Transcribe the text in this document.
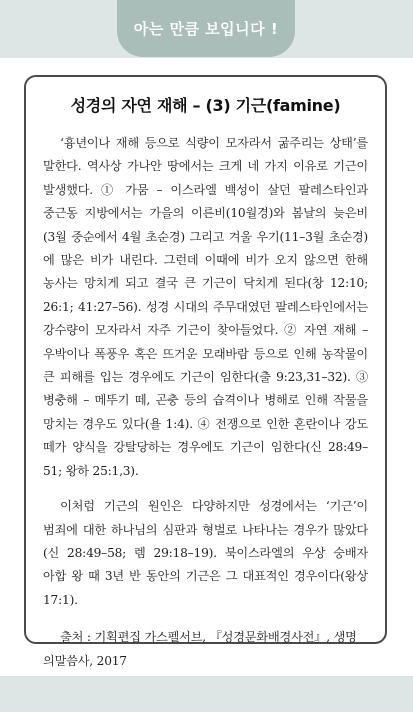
아는 만큼 보입니다 !
성경의 자연 재해 – (3) 기근(famine)

‘흉년이나 재해 등으로 식량이 모자라서 굶주리는 상태’를 말한다. 역사상 가나안 땅에서는 크게 네 가지 이유로 기근이 발생했다. ① 가뭄 – 이스라엘 백성이 살던 팔레스타인과 중근동 지방에서는 가을의 이른비(10월경)와 봄날의 늦은비(3월 중순에서 4월 초순경) 그리고 겨울 우기(11–3월 초순경)에 많은 비가 내린다. 그런데 이때에 비가 오지 않으면 한해 농사는 망치게 되고 결국 큰 기근이 닥치게 된다(창 12:10; 26:1; 41:27–56). 성경 시대의 주무대였던 팔레스타인에서는 강수량이 모자라서 자주 기근이 찾아들었다. ② 자연 재해 – 우박이나 폭풍우 혹은 뜨거운 모래바람 등으로 인해 농작물이 큰 피해를 입는 경우에도 기근이 임한다(출 9:23,31–32). ③ 병충해 – 메뚜기 떼, 곤충 등의 습격이나 병해로 인해 작물을 망치는 경우도 있다(욜 1:4). ④ 전쟁으로 인한 혼란이나 강도 떼가 양식을 강탈당하는 경우에도 기근이 임한다(신 28:49–51; 왕하 25:1,3).

이처럼 기근의 원인은 다양하지만 성경에서는 ‘기근’이 범죄에 대한 하나님의 심판과 형벌로 나타나는 경우가 많았다(신 28:49–58; 렘 29:18–19). 북이스라엘의 우상 숭배자 아합 왕 때 3년 반 동안의 기근은 그 대표적인 경우이다(왕상 17:1).

출처 : 기획편집 가스펠서브, 『성경문화배경사전』, 생명의말씀사, 2017
